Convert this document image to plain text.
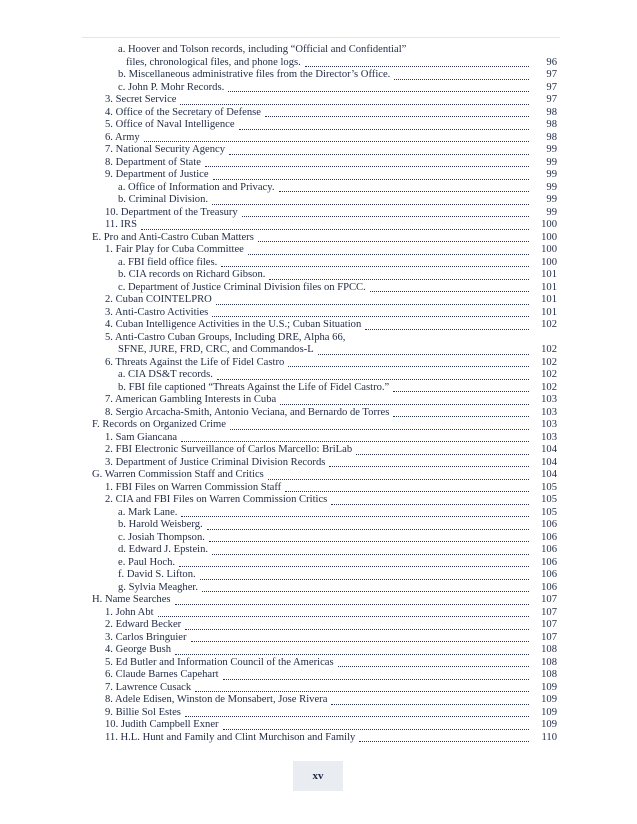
a. Hoover and Tolson records, including “Official and Confidential”
files, chronological files, and phone logs.	96
b. Miscellaneous administrative files from the Director’s Office.	97
c. John P. Mohr Records.	97
3. Secret Service	97
4. Office of the Secretary of Defense	98
5. Office of Naval Intelligence	98
6. Army	98
7. National Security Agency	99
8. Department of State	99
9. Department of Justice	99
a. Office of Information and Privacy.	99
b. Criminal Division.	99
10. Department of the Treasury	99
11. IRS	100
E. Pro and Anti-Castro Cuban Matters	100
1. Fair Play for Cuba Committee	100
a. FBI field office files.	100
b. CIA records on Richard Gibson.	101
c. Department of Justice Criminal Division files on FPCC.	101
2. Cuban COINTELPRO	101
3. Anti-Castro Activities	101
4. Cuban Intelligence Activities in the U.S.; Cuban Situation	102
5. Anti-Castro Cuban Groups, Including DRE, Alpha 66,
SFNE, JURE, FRD, CRC, and Commandos-L	102
6. Threats Against the Life of Fidel Castro	102
a. CIA DS&T records.	102
b. FBI file captioned “Threats Against the Life of Fidel Castro.”	102
7. American Gambling Interests in Cuba	103
8. Sergio Arcacha-Smith, Antonio Veciana, and Bernardo de Torres	103
F. Records on Organized Crime	103
1. Sam Giancana	103
2. FBI Electronic Surveillance of Carlos Marcello: BriLab	104
3. Department of Justice Criminal Division Records	104
G. Warren Commission Staff and Critics	104
1. FBI Files on Warren Commission Staff	105
2. CIA and FBI Files on Warren Commission Critics	105
a. Mark Lane.	105
b. Harold Weisberg.	106
c. Josiah Thompson.	106
d. Edward J. Epstein.	106
e. Paul Hoch.	106
f. David S. Lifton.	106
g. Sylvia Meagher.	106
H. Name Searches	107
1. John Abt	107
2. Edward Becker	107
3. Carlos Bringuier	107
4. George Bush	108
5. Ed Butler and Information Council of the Americas	108
6. Claude Barnes Capehart	108
7. Lawrence Cusack	109
8. Adele Edisen, Winston de Monsabert, Jose Rivera	109
9. Billie Sol Estes	109
10. Judith Campbell Exner	109
11. H.L. Hunt and Family and Clint Murchison and Family	110
xv
